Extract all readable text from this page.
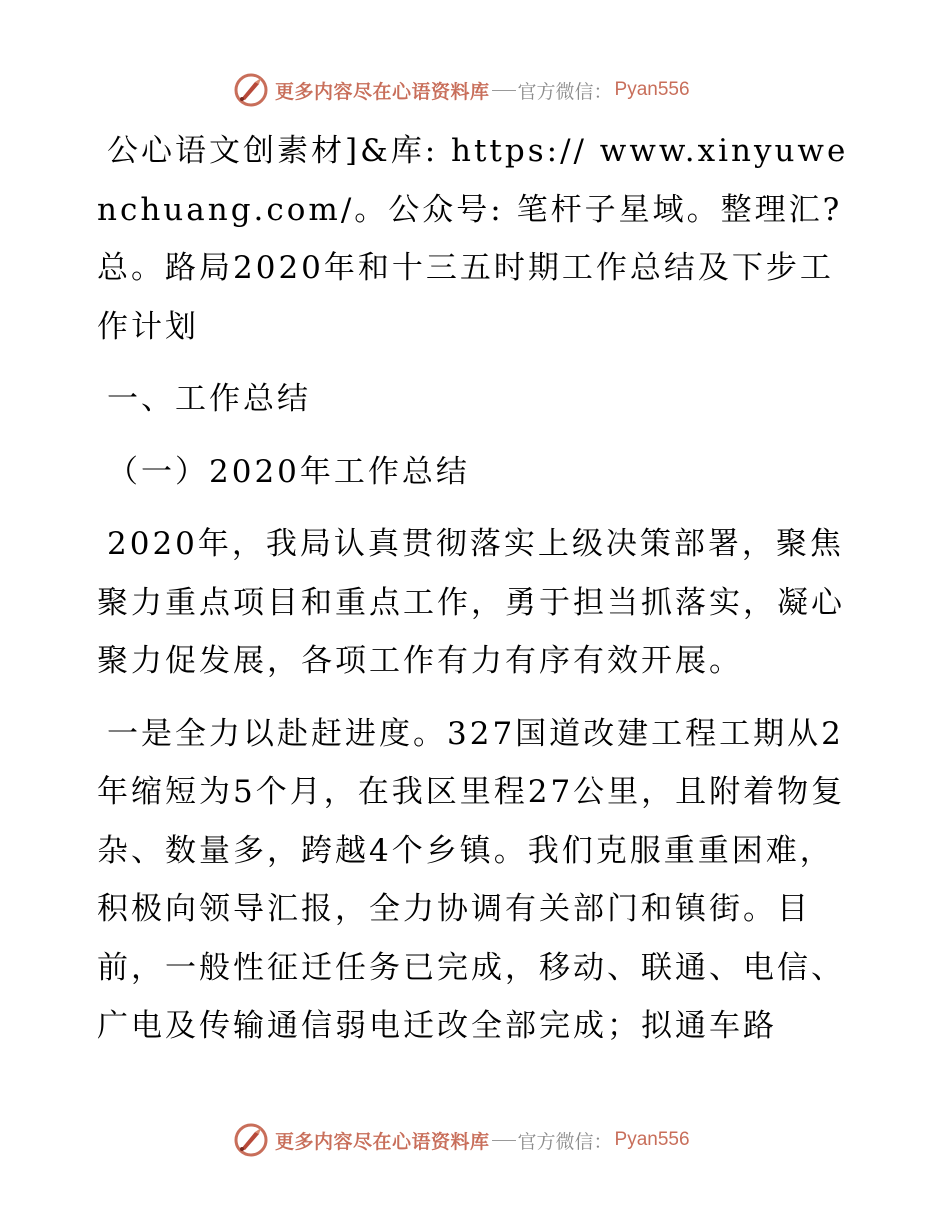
更多内容尽在心语资料库 官方微信： Pyan556

公心语文创素材]&库: https:// www.xinyuwenchuang.com/。公众号: 笔杆子星域。整理汇?总。路局2020年和十三五时期工作总结及下步工作计划

一、工作总结

（一）2020年工作总结

2020年，我局认真贯彻落实上级决策部署，聚焦聚力重点项目和重点工作，勇于担当抓落实，凝心聚力促发展，各项工作有力有序有效开展。

一是全力以赴赶进度。327国道改建工程工期从2年缩短为5个月，在我区里程27公里，且附着物复杂、数量多，跨越4个乡镇。我们克服重重困难，积极向领导汇报，全力协调有关部门和镇街。目前，一般性征迁任务已完成，移动、联通、电信、广电及传输通信弱电迁改全部完成；拟通车路

更多内容尽在心语资料库 官方微信： Pyan556
